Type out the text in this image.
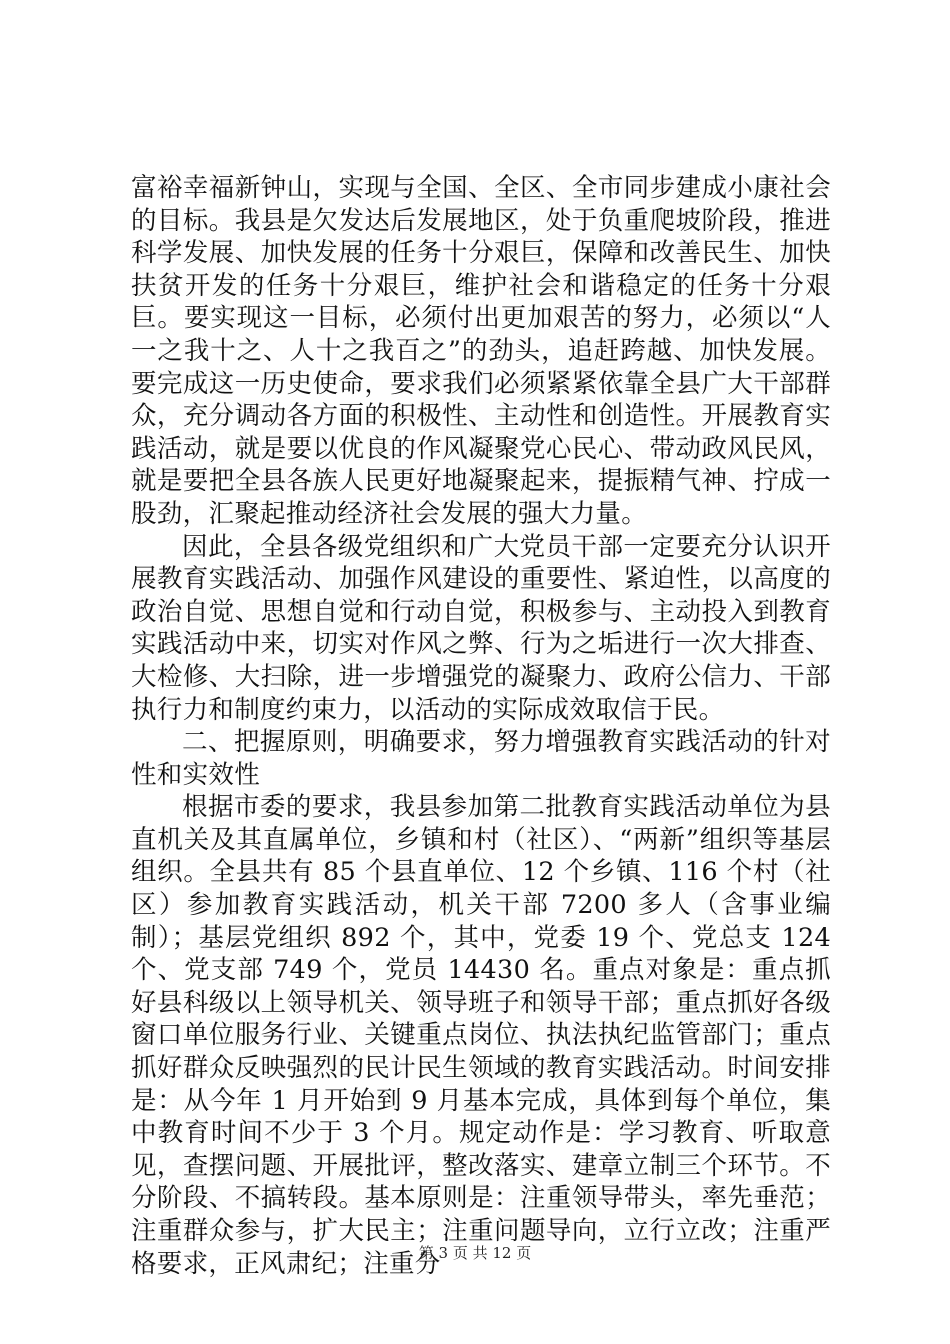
富裕幸福新钟山，实现与全国、全区、全市同步建成小康社会的目标。我县是欠发达后发展地区，处于负重爬坡阶段，推进科学发展、加快发展的任务十分艰巨，保障和改善民生、加快扶贫开发的任务十分艰巨，维护社会和谐稳定的任务十分艰巨。要实现这一目标，必须付出更加艰苦的努力，必须以“人一之我十之、人十之我百之”的劲头，追赶跨越、加快发展。要完成这一历史使命，要求我们必须紧紧依靠全县广大干部群众，充分调动各方面的积极性、主动性和创造性。开展教育实践活动，就是要以优良的作风凝聚党心民心、带动政风民风，就是要把全县各族人民更好地凝聚起来，提振精气神、拧成一股劲，汇聚起推动经济社会发展的强大力量。

因此，全县各级党组织和广大党员干部一定要充分认识开展教育实践活动、加强作风建设的重要性、紧迫性，以高度的政治自觉、思想自觉和行动自觉，积极参与、主动投入到教育实践活动中来，切实对作风之弊、行为之垢进行一次大排查、大检修、大扫除，进一步增强党的凝聚力、政府公信力、干部执行力和制度约束力，以活动的实际成效取信于民。

二、把握原则，明确要求，努力增强教育实践活动的针对性和实效性

根据市委的要求，我县参加第二批教育实践活动单位为县直机关及其直属单位，乡镇和村（社区）、“两新”组织等基层组织。全县共有 85 个县直单位、12 个乡镇、116 个村（社区）参加教育实践活动，机关干部 7200 多人（含事业编制）；基层党组织 892 个，其中，党委 19 个、党总支 124 个、党支部 749 个，党员 14430 名。重点对象是：重点抓好县科级以上领导机关、领导班子和领导干部；重点抓好各级窗口单位服务行业、关键重点岗位、执法执纪监管部门；重点抓好群众反映强烈的民计民生领域的教育实践活动。时间安排是：从今年 1 月开始到 9 月基本完成，具体到每个单位，集中教育时间不少于 3 个月。规定动作是：学习教育、听取意见，查摆问题、开展批评，整改落实、建章立制三个环节。不分阶段、不搞转段。基本原则是：注重领导带头，率先垂范；注重群众参与，扩大民主；注重问题导向，立行立改；注重严格要求，正风肃纪；注重分

第 3 页 共 12 页
